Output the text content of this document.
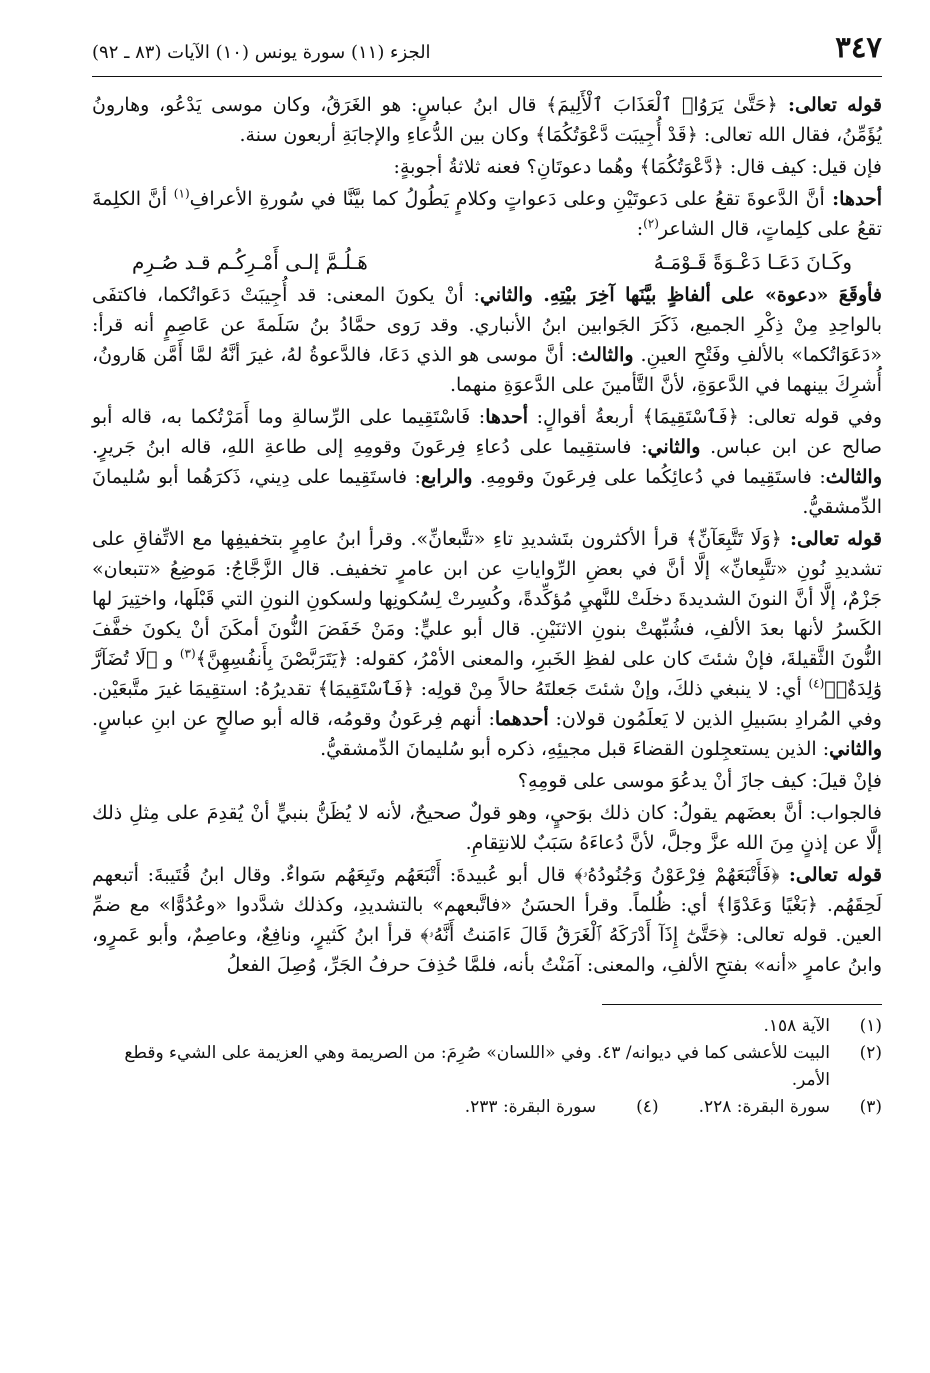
٣٤٧
الجزء (١١) سورة يونس (١٠) الآيات (٨٣ ـ ٩٢)

قوله تعالى: ﴿حَتَّىٰ يَرَوُا۟ ٱلْعَذَابَ ٱلْأَلِيمَ﴾ قال ابنُ عباسٍ: هو الغَرَقُ، وكان موسى يَدْعُو، وهارونُ يُؤَمِّنُ، فقال الله تعالى: ﴿قَدْ أُجِيبَت دَّعْوَتُكُمَا﴾ وكان بين الدُّعاءِ والإجابَةِ أربعون سنة.

فإن قيل: كيف قال: ﴿دَّعْوَتُكُمَا﴾ وهُما دعوتَانِ؟ فعنه ثلاثةُ أجوبةٍ:

أحدها: أنَّ الدَّعوةَ تقعُ على دَعوتَيْنِ وعلى دَعواتٍ وكلامٍ يَطُولُ كما بيَّنَّا في سُورةِ الأعرافِ$^{(١)}$ أنَّ الكلِمةَ تقعُ على كلِماتٍ، قال الشاعر$^{(٢)}$:

وكَـانَ دَعَـا دَعْـوَةً قَـوْمَـهُ
هَـلُـمَّ إلـى أَمْـرِكُـم قـد صُـرِم

فأوقَعَ «دعوة» على ألفاظٍ بيَّنَها آخِرَ بيْتِهِ. والثاني: أنْ يكونَ المعنى: قد أُجِيبَتْ دَعَواتُكما، فاكتفَى بالواحِدِ مِنْ ذِكْرِ الجميع، ذَكَرَ الجَوابين ابنُ الأنباري. وقد رَوى حمَّادُ بنُ سَلَمةَ عن عَاصِمٍ أنه قرأ: «دَعَوَاتُكما» بالألفِ وفَتْحِ العينِ. والثالث: أنَّ موسى هو الذي دَعَا، فالدَّعوةُ لهُ، غيرَ أنَّهُ لمَّا أَمَّن هَارونُ، أُشرِكَ بينهما في الدَّعوَةِ، لأنَّ التَّأمينَ على الدَّعوَةِ منهما.

وفي قوله تعالى: ﴿فَٱسْتَقِيمَا﴾ أربعةُ أقوالٍ: أحدها: فَاسْتَقِيما على الرِّسالةِ وما أَمَرْتُكما به، قاله أبو صالح عن ابن عباس. والثاني: فاستقِيما على دُعاءِ فِرعَونَ وقومِهِ إلى طاعةِ اللهِ، قاله ابنُ جَريرٍ. والثالث: فاستَقِيما في دُعائِكُما على فِرعَونَ وقومِهِ. والرابع: فاستَقِيما على دِيني، ذَكرَهُما أبو سُليمانَ الدِّمشقيُّ.

قوله تعالى: ﴿وَلَا تَتَّبِعَآنِّ﴾ قرأ الأكثرون بتَشديدِ تاءِ «تتَّبعانِّ». وقرأ ابنُ عامِرٍ بتخفيفِها مع الاتِّفاقِ على تشديدِ نُونِ «تتَّبِعانِّ» إلَّا أنَّ في بعضِ الرِّواياتِ عن ابن عامرٍ تخفيف. قال الزَّجَّاجُ: مَوضِعُ «تتبعان» جَزْمٌ، إلَّا أنَّ النونَ الشديدةَ دخلَتْ للنَّهيِ مُؤكِّدةً، وكُسِرتْ لِسُكونِها ولسكونِ النونِ التي قَبْلَها، واختِيرَ لها الكَسرُ لأنها بعدَ الألفِ، فشُبِّهتْ بنونِ الاثنَيْنِ. قال أبو عليٍّ: ومَنْ خَفَضَ النُّونَ أمكَنَ أنْ يكونَ خفَّفَ النُّونَ الثَّقيلةَ، فإنْ شئتَ كان على لفظِ الخَبرِ، والمعنى الأمْرُ، كقوله: ﴿يَتَرَبَّصْنَ بِأَنفُسِهِنَّ﴾$^{(٣)}$ و ﴿لَا تُضَآرَّ وَٰلِدَةٌۢ﴾$^{(٤)}$ أي: لا ينبغي ذلكَ، وإنْ شئتَ جَعلتَهُ حالاً مِنْ قولِه: ﴿فَٱسْتَقِيمَا﴾ تقديرُهُ: استقِيمَا غيرَ متَّبعَيْن. وفي المُرادِ بسَبيلِ الذين لا يَعلَمُون قولان: أحدهما: أنهم فِرعَونُ وقومُه، قاله أبو صالحٍ عن ابنِ عباسٍ. والثاني: الذين يستعجِلون القضاءَ قبل مجيئِهِ، ذكره أبو سُليمانَ الدِّمشقيُّ.

فإنْ قيلَ: كيف جازَ أنْ يدعُوَ موسى على قومِهِ؟

فالجواب: أنَّ بعضَهم يقولُ: كان ذلك بوَحيٍ، وهو قولٌ صحيحٌ، لأنه لا يُظَنُّ بنبيٍّ أنْ يُقدِمَ على مِثلِ ذلك إلَّا عن إذنٍ مِنَ الله عزَّ وجلَّ، لأنَّ دُعاءَهُ سَبَبٌ للانتِقامِ.

قوله تعالى: ﴿فَأَتْبَعَهُمْ فِرْعَوْنُ وَجُنُودُهُۥ﴾ قال أبو عُبيدةَ: أَتْبَعَهُم وتَبِعَهُم سَواءٌ. وقال ابنُ قُتَيبةَ: أتبعهم لَحِقَهُم. ﴿بَغْيًا وَعَدْوًا﴾ أي: ظُلماً. وقرأ الحسَنُ «فاتَّبعهم» بالتشديدِ، وكذلك شدَّدوا «وعُدُوًّا» مع ضمِّ العين. قوله تعالى: ﴿حَتَّىٰٓ إِذَآ أَدْرَكَهُ ٱلْغَرَقُ قَالَ ءَامَنتُ أَنَّهُۥ﴾ قرأ ابنُ كَثيرٍ، ونافِعٌ، وعاصِمٌ، وأبو عَمرٍو، وابنُ عامرٍ «أنه» بفتحِ الألفِ، والمعنى: آمَنْتُ بأنه، فلمَّا حُذِفَ حرفُ الجَرِّ، وُصِلَ الفعلُ

(١)
الآية ١٥٨.
(٢)
البيت للأعشى كما في ديوانه/ ٤٣. وفي «اللسان» صُرِمَ: من الصريمة وهي العزيمة على الشيء وقطع الأمر.
(٣)
سورة البقرة: ٢٢٨.
(٤)
سورة البقرة: ٢٣٣.
